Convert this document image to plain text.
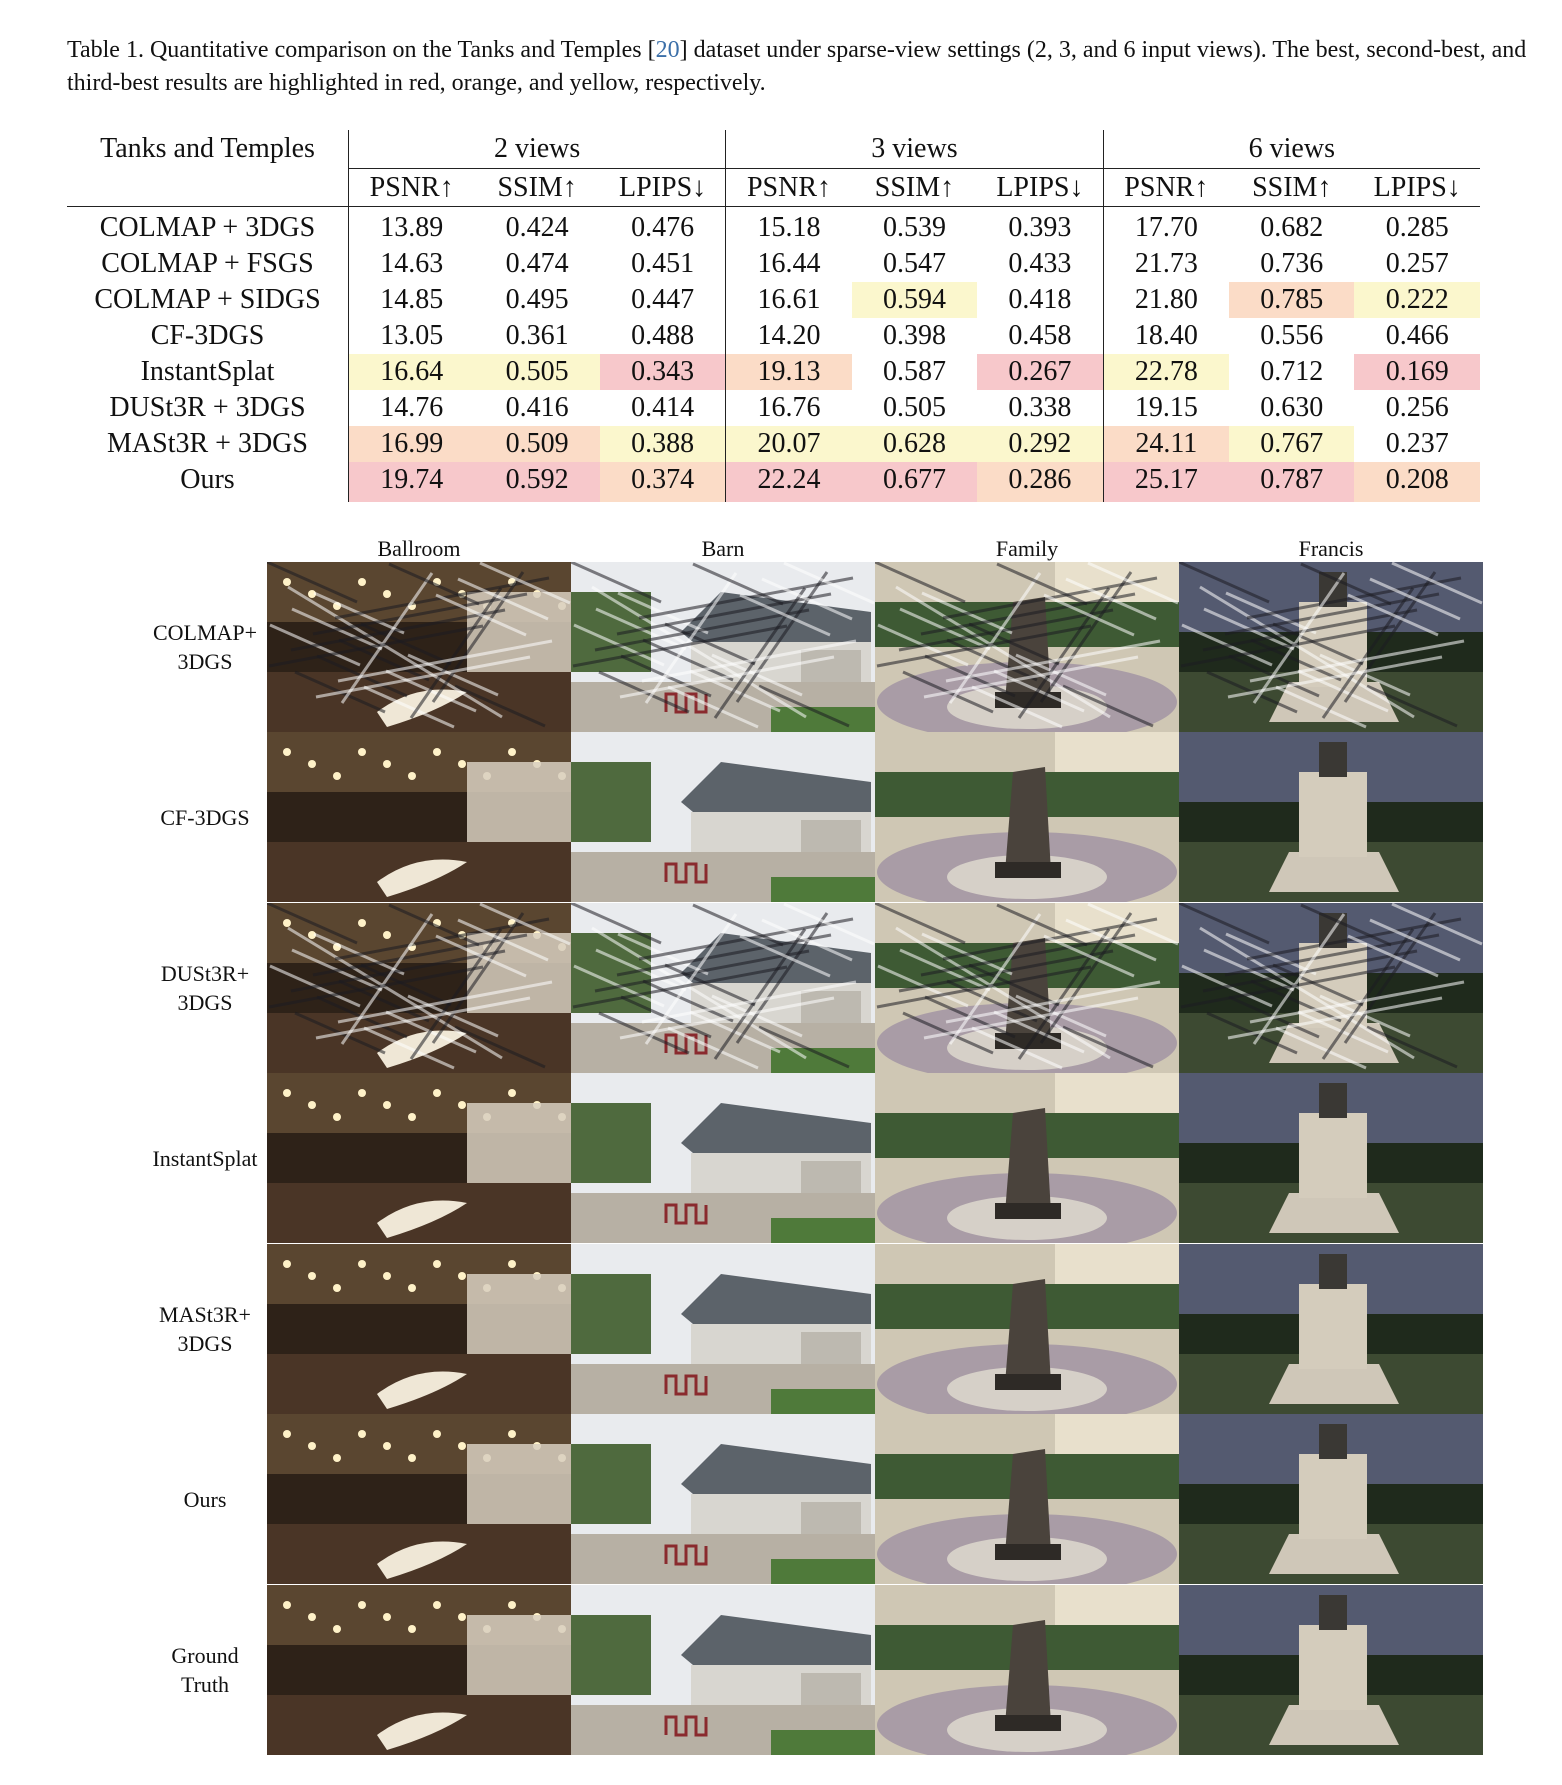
Table 1. Quantitative comparison on the Tanks and Temples [20] dataset under sparse-view settings (2, 3, and 6 input views). The best, second-best, and third-best results are highlighted in red, orange, and yellow, respectively.
Tanks and Temples	2 views			3 views			6 views		
	PSNR↑	SSIM↑	LPIPS↓	PSNR↑	SSIM↑	LPIPS↓	PSNR↑	SSIM↑	LPIPS↓
COLMAP + 3DGS	13.89	0.424	0.476	15.18	0.539	0.393	17.70	0.682	0.285
COLMAP + FSGS	14.63	0.474	0.451	16.44	0.547	0.433	21.73	0.736	0.257
COLMAP + SIDGS	14.85	0.495	0.447	16.61	0.594	0.418	21.80	0.785	0.222
CF-3DGS	13.05	0.361	0.488	14.20	0.398	0.458	18.40	0.556	0.466
InstantSplat	16.64	0.505	0.343	19.13	0.587	0.267	22.78	0.712	0.169
DUSt3R + 3DGS	14.76	0.416	0.414	16.76	0.505	0.338	19.15	0.630	0.256
MASt3R + 3DGS	16.99	0.509	0.388	20.07	0.628	0.292	24.11	0.767	0.237
Ours	19.74	0.592	0.374	22.24	0.677	0.286	25.17	0.787	0.208
Ballroom	Barn	Family	Francis
COLMAP+
3DGS
CF-3DGS
DUSt3R+
3DGS
InstantSplat
MASt3R+
3DGS
Ours
Ground
Truth
